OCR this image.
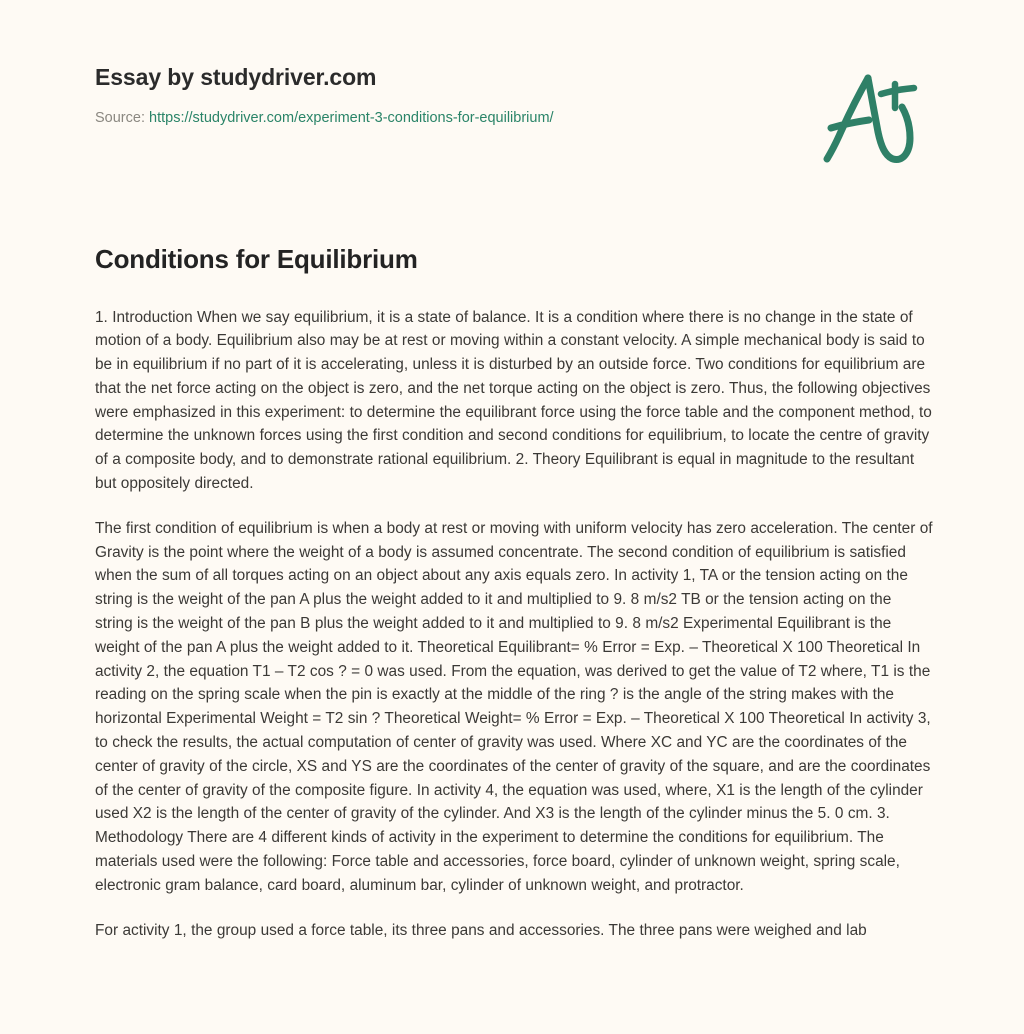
Essay by studydriver.com
Source: https://studydriver.com/experiment-3-conditions-for-equilibrium/
Conditions for Equilibrium

1. Introduction When we say equilibrium, it is a state of balance. It is a condition where there is no change in the state of motion of a body. Equilibrium also may be at rest or moving within a constant velocity. A simple mechanical body is said to be in equilibrium if no part of it is accelerating, unless it is disturbed by an outside force. Two conditions for equilibrium are that the net force acting on the object is zero, and the net torque acting on the object is zero. Thus, the following objectives were emphasized in this experiment: to determine the equilibrant force using the force table and the component method, to determine the unknown forces using the first condition and second conditions for equilibrium, to locate the centre of gravity of a composite body, and to demonstrate rational equilibrium. 2. Theory Equilibrant is equal in magnitude to the resultant but oppositely directed.

The first condition of equilibrium is when a body at rest or moving with uniform velocity has zero acceleration. The center of Gravity is the point where the weight of a body is assumed concentrate. The second condition of equilibrium is satisfied when the sum of all torques acting on an object about any axis equals zero. In activity 1, TA or the tension acting on the string is the weight of the pan A plus the weight added to it and multiplied to 9. 8 m/s2 TB or the tension acting on the string is the weight of the pan B plus the weight added to it and multiplied to 9. 8 m/s2 Experimental Equilibrant is the weight of the pan A plus the weight added to it. Theoretical Equilibrant= % Error = Exp. – Theoretical X 100 Theoretical In activity 2, the equation T1 – T2 cos ? = 0 was used. From the equation, was derived to get the value of T2 where, T1 is the reading on the spring scale when the pin is exactly at the middle of the ring ? is the angle of the string makes with the horizontal Experimental Weight = T2 sin ? Theoretical Weight= % Error = Exp. – Theoretical X 100 Theoretical In activity 3, to check the results, the actual computation of center of gravity was used. Where XC and YC are the coordinates of the center of gravity of the circle, XS and YS are the coordinates of the center of gravity of the square, and are the coordinates of the center of gravity of the composite figure. In activity 4, the equation was used, where, X1 is the length of the cylinder used X2 is the length of the center of gravity of the cylinder. And X3 is the length of the cylinder minus the 5. 0 cm. 3. Methodology There are 4 different kinds of activity in the experiment to determine the conditions for equilibrium. The materials used were the following: Force table and accessories, force board, cylinder of unknown weight, spring scale, electronic gram balance, card board, aluminum bar, cylinder of unknown weight, and protractor.

For activity 1, the group used a force table, its three pans and accessories. The three pans were weighed and lab
